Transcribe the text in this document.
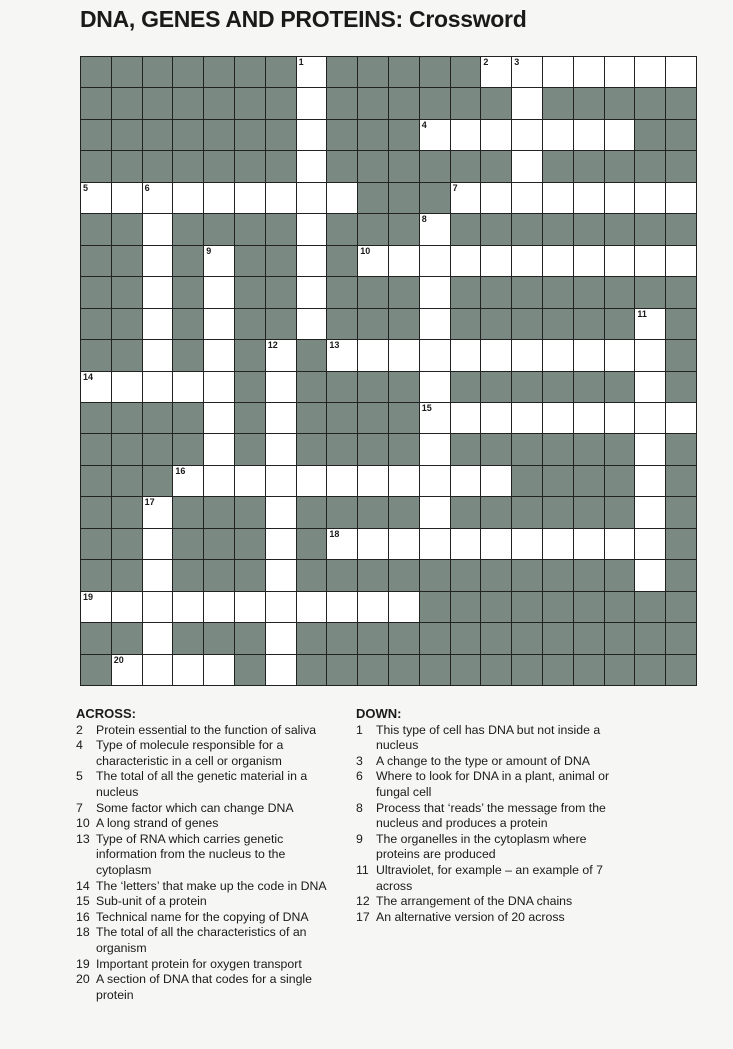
DNA, GENES AND PROTEINS: Crossword
1	2	3
4
5	6	7
8
9	10
11
12	13
14
15
16
17
18
19
20
ACROSS:
2	Protein essential to the function of saliva
4	Type of molecule responsible for a characteristic in a cell or organism
5	The total of all the genetic material in a nucleus
7	Some factor which can change DNA
10 A long strand of genes
13 Type of RNA which carries genetic information from the nucleus to the cytoplasm
14 The ‘letters’ that make up the code in DNA
15 Sub-unit of a protein
16 Technical name for the copying of DNA
18 The total of all the characteristics of an organism
19 Important protein for oxygen transport
20 A section of DNA that codes for a single protein
DOWN:
1	This type of cell has DNA but not inside a nucleus
3	A change to the type or amount of DNA
6	Where to look for DNA in a plant, animal or fungal cell
8	Process that ‘reads’ the message from the nucleus and produces a protein
9	The organelles in the cytoplasm where proteins are produced
11 Ultraviolet, for example – an example of 7 across
12 The arrangement of the DNA chains
17 An alternative version of 20 across
